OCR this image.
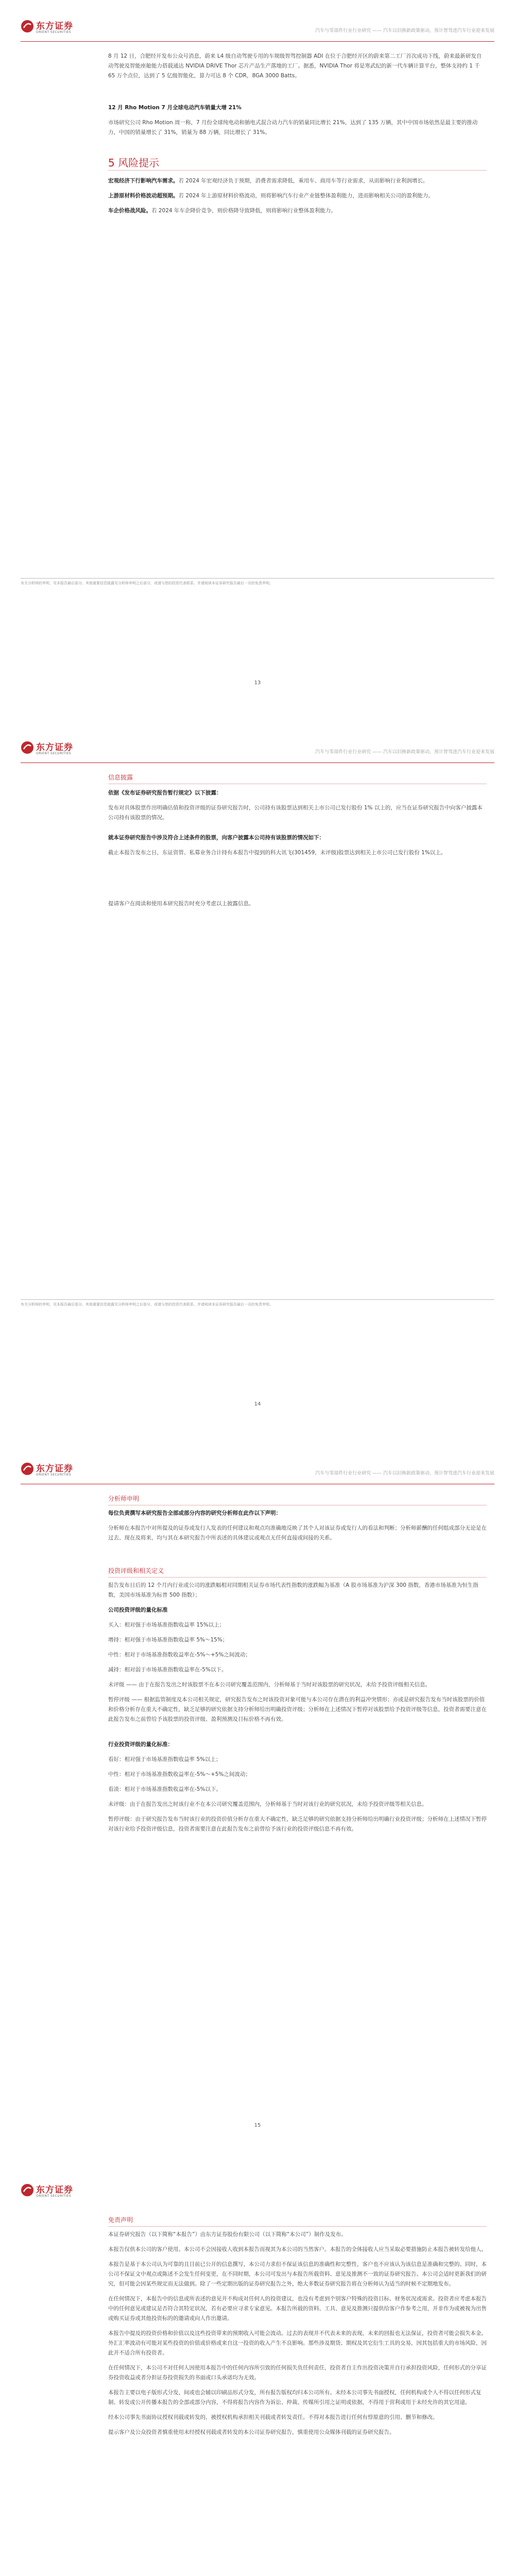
东方证券
ORIENT SECURITIES	汽车与零部件行业行业研究 —— 汽车以旧换新政策驱动，预计智驾进汽车行业迎来发展

8 月 12 日，合肥经开发布公众号消息，蔚来 L4 级自动驾驶专用的车规级智驾控制器 ADI 在位于合肥经开区的蔚来第二工厂首次成功下线，蔚来最新研发自动驾驶及智能座舱能力搭载通达 NVIDIA DRIVE Thor 芯片产品生产落地的工厂。据悉，NVIDIA Thor 将是寒武纪的新一代车辆计算平台，整体支持约 1 千 65 万个点位，达到了 5 亿级智能化，算力可达 8 个 CDR，8GA 3000 Batts。

12 月 Rho Motion 7 月全球电动汽车销量大增 21%

市场研究公司 Rho Motion 周一称，7 月份全球纯电动和插电式混合动力汽车的销量同比增长 21%，达到了 135 万辆，其中中国市场依然是最主要的推动力，中国的销量增长了 31%，销量为 88 万辆，同比增长了 31%。

5 风险提示

宏观经济下行影响汽车需求。若 2024 年宏观经济负于预期，消费者需求降低，乘用车、商用车等行业需求，从而影响行业利润增长。

上游原材料价格波动超预期。若 2024 年上游原材料价格波动，则将影响汽车行业产业链整体盈利能力，进而影响相关公司的盈利能力。

车企价格战风险。若 2024 年车企降价竞争，则价格降导致降低，则将影响行业整体盈利能力。

有关分析师的申明，见本报告最后部分。其他重要信息披露见分析师申明之后部分，或请与您的投资代表联系。并请阅读本证券研究报告最后一页的免责申明。
13
东方证券
ORIENT SECURITIES	汽车与零部件行业行业研究 —— 汽车以旧换新政策驱动，预计智驾进汽车行业迎来发展
信息披露

依据《发布证券研究报告暂行规定》以下披露：

发布对具体股票作出明确估值和投资评级的证券研究报告时，公司持有该股票达到相关上市公司已发行股份 1% 以上的，应当在证券研究报告中向客户披露本公司持有该股票的情况。

就本证券研究报告中涉及符合上述条件的股票，向客户披露本公司持有该股票的情况如下：

截止本报告发布之日，东证资管、私募业务合计持有本报告中提到的科大讯飞(301459，未评级)股票达到相关上市公司已发行股份 1%以上。

提请客户在阅读和使用本研究报告时充分考虑以上披露信息。

有关分析师的申明，见本报告最后部分。其他重要信息披露见分析师申明之后部分，或请与您的投资代表联系。并请阅读本证券研究报告最后一页的免责申明。
14
东方证券
ORIENT SECURITIES	汽车与零部件行业行业研究 —— 汽车以旧换新政策驱动，预计智驾进汽车行业迎来发展
分析师申明

每位负责撰写本研究报告全部或部分内容的研究分析师在此作以下声明：

分析师在本报告中对所提及的证券或发行人发表的任何建议和观点均准确地反映了其个人对该证券或发行人的看法和判断；分析师薪酬的任何组成部分无论是在过去、现在及将来，均与其在本研究报告中所表述的具体建议或观点无任何直接或间接的关系。

投资评级和相关定义

报告发布日后的 12 个月内行业或公司的涨跌幅相对同期相关证券市场代表性指数的涨跌幅为基准（A 股市场基准为沪深 300 指数，香港市场基准为恒生指数，美国市场基准为标普 500 指数）；

公司投资评级的量化标准

买入：相对强于市场基准指数收益率 15%以上；

增持：相对强于市场基准指数收益率 5%～15%；

中性：相对于市场基准指数收益率在-5%～+5%之间波动；

减持：相对弱于市场基准指数收益率在-5%以下。

未评级 —— 由于在报告发出之时该股票不在本公司研究覆盖范围内，分析师基于当时对该股票的研究状况，未给予投资评级相关信息。

暂停评级 —— 根据监管制度及本公司相关规定，研究报告发布之时该投资对象可能与本公司存在潜在的利益冲突情形；亦或是研究报告发布当时该股票的价值和价格分析存在重大不确定性，缺乏足够的研究依据支持分析师给出明确投资评级；分析师在上述情况下暂停对该股票给予投资评级等信息，投资者需要注意在此报告发布之前曾给予该股票的投资评级、盈利预测及目标价格不再有效。

行业投资评级的量化标准：

看好：相对强于市场基准指数收益率 5%以上；

中性：相对于市场基准指数收益率在-5%～+5%之间波动；

看淡：相对于市场基准指数收益率在-5%以下。

未评级：由于在报告发出之时该行业不在本公司研究覆盖范围内，分析师基于当时对该行业的研究状况，未给予投资评级等相关信息。

暂停评级：由于研究报告发布当时该行业的投资价值分析存在重大不确定性，缺乏足够的研究依据支持分析师给出明确行业投资评级；分析师在上述情况下暂停对该行业给予投资评级信息，投资者需要注意在此报告发布之前曾给予该行业的投资评级信息不再有效。

15
东方证券
ORIENT SECURITIES
免责声明

本证券研究报告（以下简称“本报告”）由东方证券股份有限公司（以下简称“本公司”）制作及发布。

本报告仅供本公司的客户使用。本公司不会因接收人收到本报告而视其为本公司的当然客户。本报告的全体接收人应当采取必要措施防止本报告被转发给他人。

本报告是基于本公司认为可靠的且目前已公开的信息撰写，本公司力求但不保证该信息的准确性和完整性，客户也不应该认为该信息是准确和完整的。同时，本公司不保证文中观点或陈述不会发生任何变更，在不同时期，本公司可发出与本报告所载资料、意见及推测不一致的证券研究报告。本公司会适时更新我们的研究，但可能会因某些规定而无法做到。除了一些定期出版的证券研究报告之外，绝大多数证券研究报告将在分析师认为适当的时候不定期地发布。

在任何情况下，本报告中的信息或所表述的意见并不构成对任何人的投资建议，也没有考虑到个别客户特殊的投资目标、财务状况或需求。投资者应考虑本报告中的任何意见或建议是否符合其特定状况，若有必要应寻求专家意见。本报告所载的资料、工具、意见及推测只提供给客户作参考之用，并非作为或被视为出售或购买证券或其他投资标的的邀请或向人作出邀请。

本报告中提及的投资价格和价值以及这些投资带来的预期收入可能会波动。过去的表现并不代表未来的表现，未来的回报也无法保证，投资者可能会损失本金。外汇汇率波动有可能对某些投资的价值或价格或来自这一投资的收入产生不良影响。那些涉及期货、期权及其它衍生工具的交易，因其包括重大的市场风险，因此并不适合所有投资者。

在任何情况下，本公司不对任何人因使用本报告中的任何内容所引致的任何损失负任何责任，投资者自主作出投资决策并自行承担投资风险，任何形式的分享证券投资收益或者分担证券投资损失的书面或口头承诺均为无效。

本报告主要以电子版形式分发，间或也会辅以印刷品形式分发，所有报告版权均归本公司所有。未经本公司事先书面授权，任何机构或个人不得以任何形式复制、转发或公开传播本报告的全部或部分内容，不得将报告内容作为诉讼、仲裁、传媒所引用之证明或依据，不得用于营利或用于未经允许的其它用途。

经本公司事先书面协议授权刊载或转发的，被授权机构承担相关刊载或者转发责任。不得对本报告进行任何有悖原意的引用、删节和修改。

提示客户及公众投资者慎重使用未经授权刊载或者转发的本公司证券研究报告，慎重使用公众媒体刊载的证券研究报告。
